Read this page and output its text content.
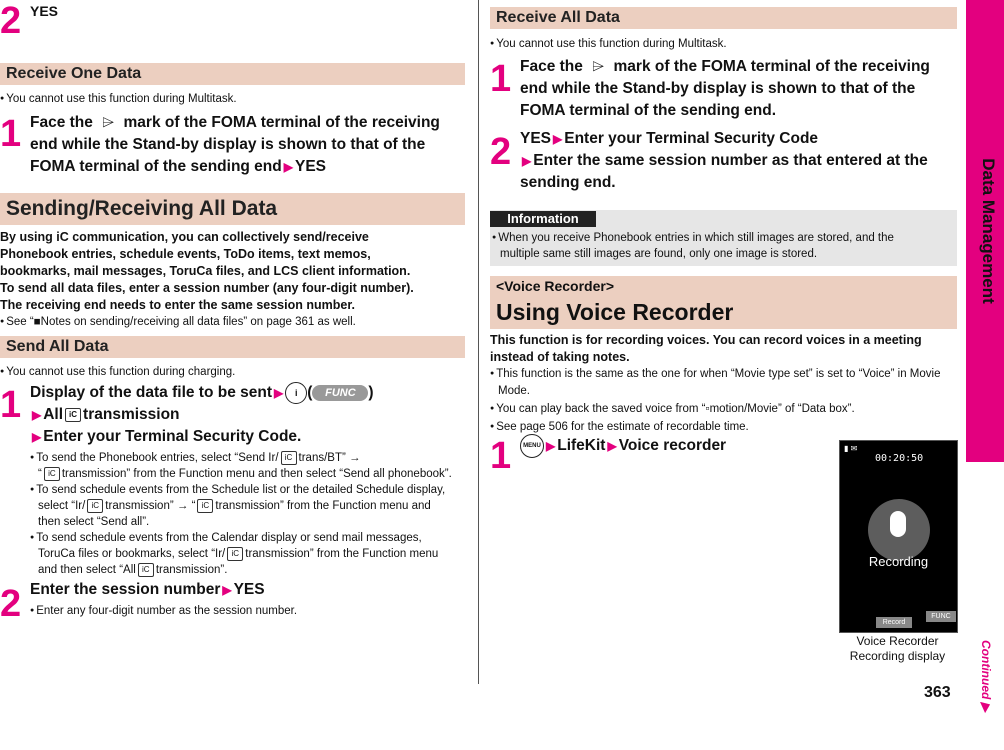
2 YES
Receive One Data
● You cannot use this function during Multitask.
1 Face the ⌲ mark of the FOMA terminal of the receiving
end while the Stand-by display is shown to that of the
FOMA terminal of the sending end ▶ YES
Sending/Receiving All Data
By using iC communication, you can collectively send/receive
Phonebook entries, schedule events, ToDo items, text memos,
bookmarks, mail messages, ToruCa files, and LCS client information.
To send all data files, enter a session number (any four-digit number).
The receiving end needs to enter the same session number.
● See “■Notes on sending/receiving all data files” on page 361 as well.
Send All Data
● You cannot use this function during charging.
1 Display of the data file to be sent ▶ i ( FUNC )
▶ All iC transmission
▶ Enter your Terminal Security Code.
● To send the Phonebook entries, select “Send Ir/ iC trans/BT” →
“ iC transmission” from the Function menu and then select “Send all phonebook”.
● To send schedule events from the Schedule list or the detailed Schedule display,
select “Ir/ iC transmission” → “ iC transmission” from the Function menu and
then select “Send all”.
● To send schedule events from the Calendar display or send mail messages,
ToruCa files or bookmarks, select “Ir/ iC transmission” from the Function menu
and then select “All iC transmission”.
2 Enter the session number ▶ YES
● Enter any four-digit number as the session number.
Receive All Data
● You cannot use this function during Multitask.
1 Face the ⌲ mark of the FOMA terminal of the receiving
end while the Stand-by display is shown to that of the
FOMA terminal of the sending end.
2 YES ▶ Enter your Terminal Security Code
▶ Enter the same session number as that entered at the
sending end.
Information
● When you receive Phonebook entries in which still images are stored, and the
multiple same still images are found, only one image is stored.
<Voice Recorder>
Using Voice Recorder
This function is for recording voices. You can record voices in a meeting
instead of taking notes.
● This function is the same as the one for when “Movie type set” is set to “Voice” in Movie
Mode.
● You can play back the saved voice from “▫motion/Movie” of “Data box”.
● See page 506 for the estimate of recordable time.
1	MENU ▶ LifeKit ▶ Voice recorder	▮ ✉
00:20:50
Recording
Record
FUNC
Voice Recorder
Recording display
Data Management
Continued ▶
363
